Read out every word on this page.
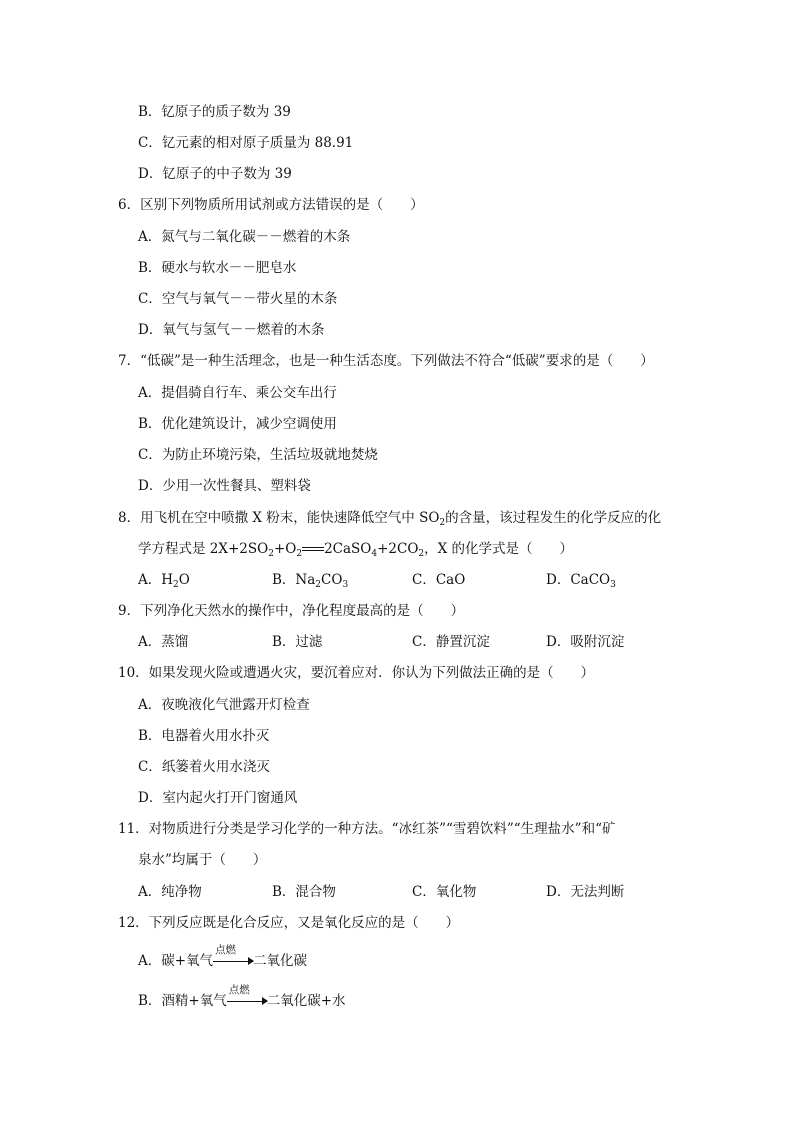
B．钇原子的质子数为 39
C．钇元素的相对原子质量为 88.91
D．钇原子的中子数为 39
6．区别下列物质所用试剂或方法错误的是（　　）
A．氮气与二氧化碳－－燃着的木条
B．硬水与软水－－肥皂水
C．空气与氧气－－带火星的木条
D．氧气与氢气－－燃着的木条
7．“低碳”是一种生活理念，也是一种生活态度。下列做法不符合“低碳”要求的是（　　）
A．提倡骑自行车、乘公交车出行
B．优化建筑设计，减少空调使用
C．为防止环境污染，生活垃圾就地焚烧
D．少用一次性餐具、塑料袋
8．用飞机在空中喷撒 X 粉末，能快速降低空气中 $SO_2$的含量，该过程发生的化学反应的化
学方程式是 $2X+2SO_2+O_2$ $2CaSO_4+2CO_2$，X 的化学式是（　　）
A．$H_2O$	B．$Na_2CO_3$	C．CaO	D．CaCO$_3$
9．下列净化天然水的操作中，净化程度最高的是（　　）
A．蒸馏	B．过滤	C．静置沉淀	D．吸附沉淀
10．如果发现火险或遭遇火灾，要沉着应对．你认为下列做法正确的是（　　）
A．夜晚液化气泄露开灯检查
B．电器着火用水扑灭
C．纸篓着火用水浇灭
D．室内起火打开门窗通风
11．对物质进行分类是学习化学的一种方法。“冰红茶”“雪碧饮料”“生理盐水”和“矿
泉水”均属于（　　）
A．纯净物	B．混合物	C．氧化物	D．无法判断
12．下列反应既是化合反应，又是氧化反应的是（　　）
A．碳+氧气
点燃
二氧化碳
B．酒精+氧气
点燃
二氧化碳+水
